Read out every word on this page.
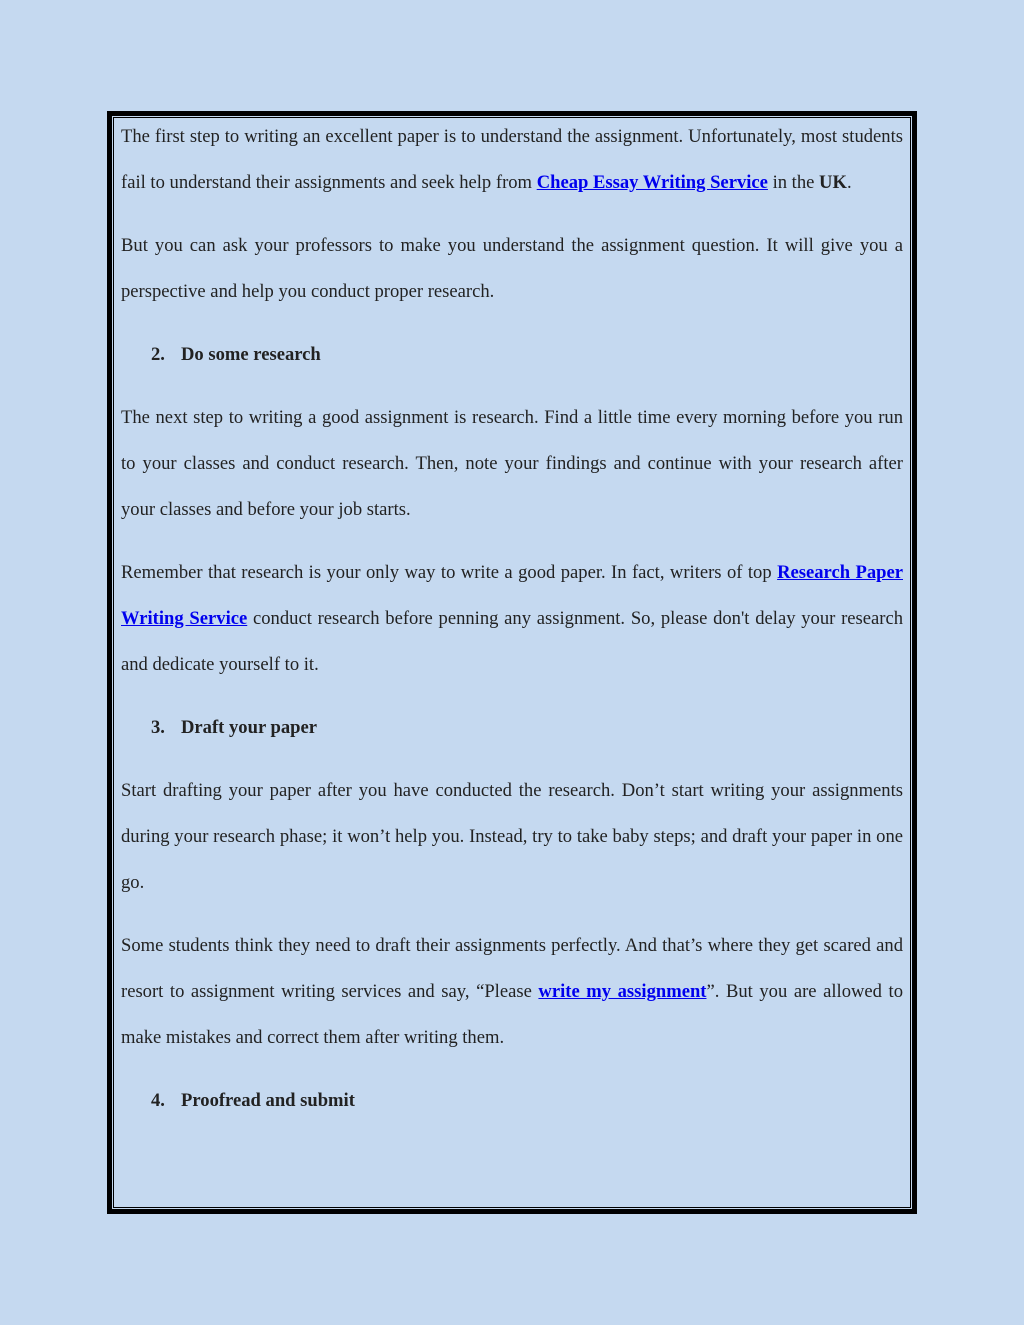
The first step to writing an excellent paper is to understand the assignment. Unfortunately, most students fail to understand their assignments and seek help from Cheap Essay Writing Service in the UK.

But you can ask your professors to make you understand the assignment question. It will give you a perspective and help you conduct proper research.

2. Do some research

The next step to writing a good assignment is research. Find a little time every morning before you run to your classes and conduct research. Then, note your findings and continue with your research after your classes and before your job starts.

Remember that research is your only way to write a good paper. In fact, writers of top Research Paper Writing Service conduct research before penning any assignment. So, please don't delay your research and dedicate yourself to it.

3. Draft your paper

Start drafting your paper after you have conducted the research. Don’t start writing your assignments during your research phase; it won’t help you. Instead, try to take baby steps; and draft your paper in one go.

Some students think they need to draft their assignments perfectly. And that’s where they get scared and resort to assignment writing services and say, “Please write my assignment”. But you are allowed to make mistakes and correct them after writing them.

4. Proofread and submit
